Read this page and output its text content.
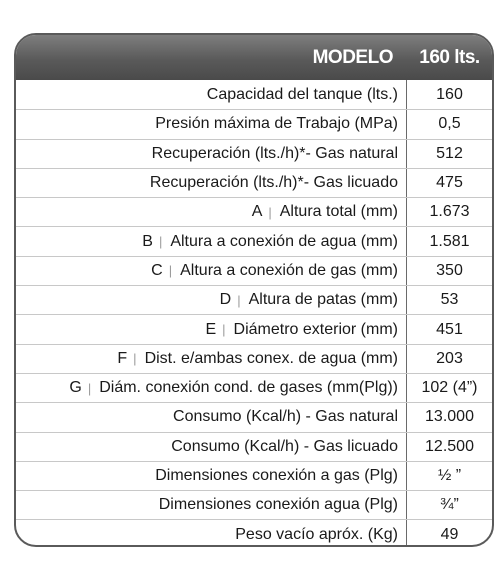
MODELO	160 lts.
Capacidad del tanque (lts.)	160
Presión máxima de Trabajo (MPa)	0,5
Recuperación (lts./h)*- Gas natural	512
Recuperación (lts./h)*- Gas licuado	475
A | Altura total (mm)	1.673
B | Altura a conexión de agua (mm)	1.581
C | Altura a conexión de gas (mm)	350
D | Altura de patas (mm)	53
E | Diámetro exterior (mm)	451
F | Dist. e/ambas conex. de agua (mm)	203
G | Diám. conexión cond. de gases (mm(Plg))	102 (4”)
Consumo (Kcal/h) - Gas natural	13.000
Consumo (Kcal/h) - Gas licuado	12.500
Dimensiones conexión a gas (Plg)	½ ”
Dimensiones conexión agua (Plg)	¾”
Peso vacío apróx. (Kg)	49
